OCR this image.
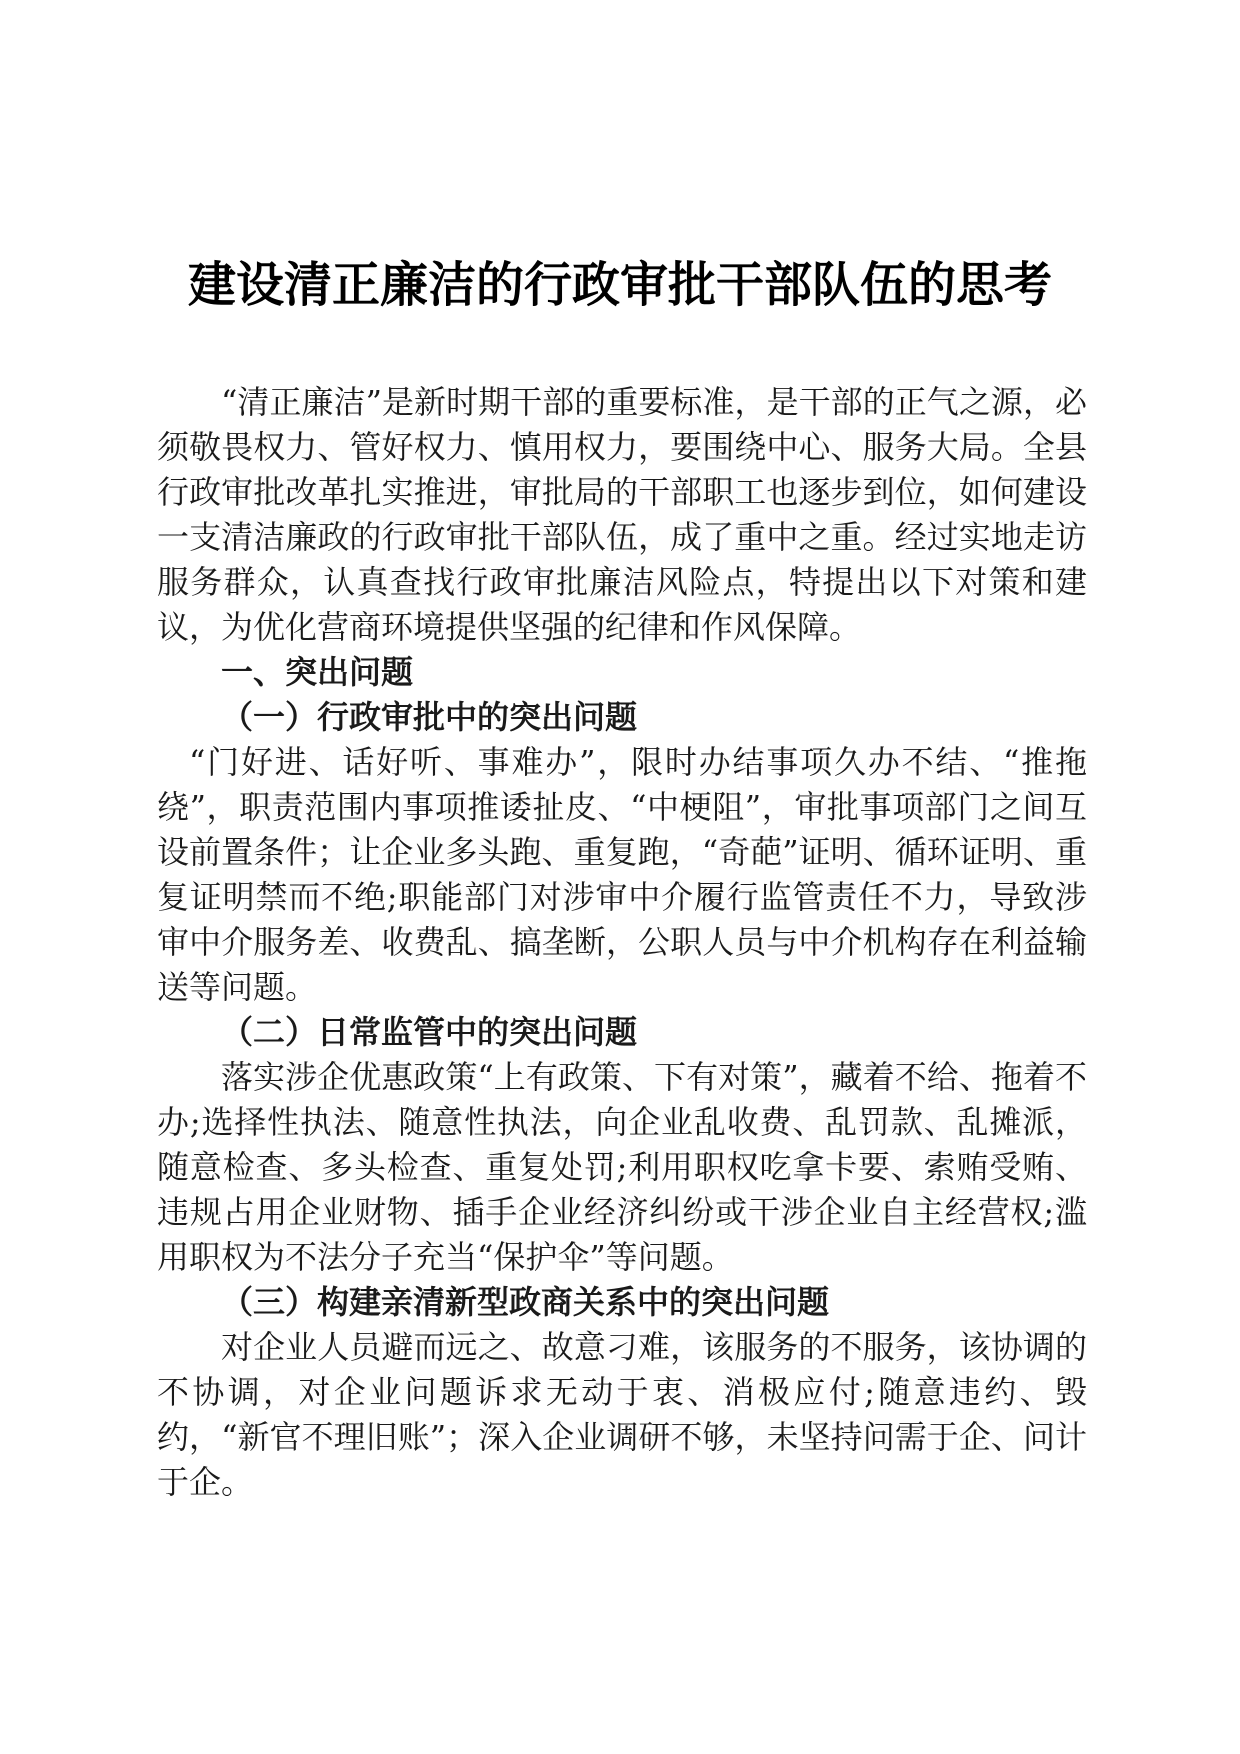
建设清正廉洁的行政审批干部队伍的思考

“清正廉洁”是新时期干部的重要标准，是干部的正气之源，必须敬畏权力、管好权力、慎用权力，要围绕中心、服务大局。全县行政审批改革扎实推进，审批局的干部职工也逐步到位，如何建设一支清洁廉政的行政审批干部队伍，成了重中之重。经过实地走访服务群众，认真查找行政审批廉洁风险点，特提出以下对策和建议，为优化营商环境提供坚强的纪律和作风保障。

一、突出问题

（一）行政审批中的突出问题

“门好进、话好听、事难办”，限时办结事项久办不结、“推拖绕”，职责范围内事项推诿扯皮、“中梗阻”，审批事项部门之间互设前置条件；让企业多头跑、重复跑，“奇葩”证明、循环证明、重复证明禁而不绝;职能部门对涉审中介履行监管责任不力，导致涉审中介服务差、收费乱、搞垄断，公职人员与中介机构存在利益输送等问题。

（二）日常监管中的突出问题

落实涉企优惠政策“上有政策、下有对策”，藏着不给、拖着不办;选择性执法、随意性执法，向企业乱收费、乱罚款、乱摊派，随意检查、多头检查、重复处罚;利用职权吃拿卡要、索贿受贿、违规占用企业财物、插手企业经济纠纷或干涉企业自主经营权;滥用职权为不法分子充当“保护伞”等问题。

（三）构建亲清新型政商关系中的突出问题

对企业人员避而远之、故意刁难，该服务的不服务，该协调的不协调，对企业问题诉求无动于衷、消极应付;随意违约、毁约，“新官不理旧账”；深入企业调研不够，未坚持问需于企、问计于企。
